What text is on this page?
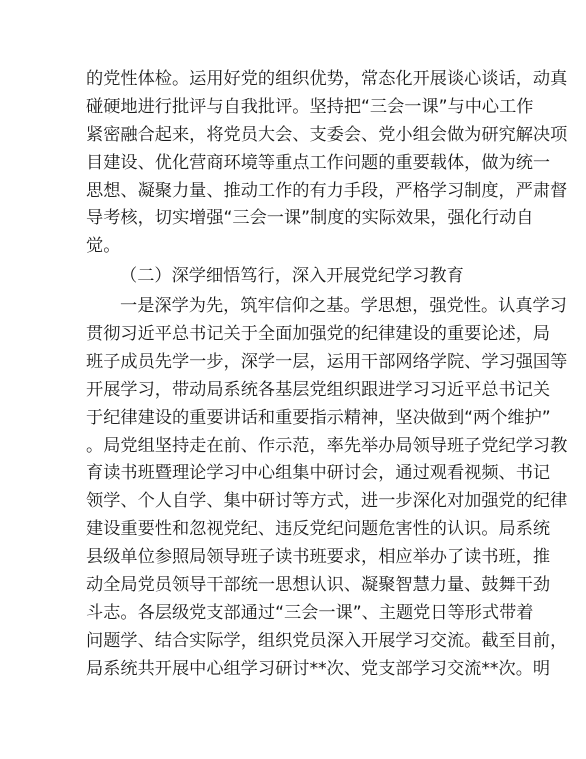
的党性体检。运用好党的组织优势，常态化开展谈心谈话，动真
碰硬地进行批评与自我批评。坚持把“三会一课”与中心工作
紧密融合起来，将党员大会、支委会、党小组会做为研究解决项
目建设、优化营商环境等重点工作问题的重要载体，做为统一
思想、凝聚力量、推动工作的有力手段，严格学习制度，严肃督
导考核，切实增强“三会一课”制度的实际效果，强化行动自
觉。
（二）深学细悟笃行，深入开展党纪学习教育
一是深学为先，筑牢信仰之基。学思想，强党性。认真学习
贯彻习近平总书记关于全面加强党的纪律建设的重要论述，局
班子成员先学一步，深学一层，运用干部网络学院、学习强国等
开展学习，带动局系统各基层党组织跟进学习习近平总书记关
于纪律建设的重要讲话和重要指示精神，坚决做到“两个维护”
。局党组坚持走在前、作示范，率先举办局领导班子党纪学习教
育读书班暨理论学习中心组集中研讨会，通过观看视频、书记
领学、个人自学、集中研讨等方式，进一步深化对加强党的纪律
建设重要性和忽视党纪、违反党纪问题危害性的认识。局系统
县级单位参照局领导班子读书班要求，相应举办了读书班，推
动全局党员领导干部统一思想认识、凝聚智慧力量、鼓舞干劲
斗志。各层级党支部通过“三会一课”、主题党日等形式带着
问题学、结合实际学，组织党员深入开展学习交流。截至目前，
局系统共开展中心组学习研讨**次、党支部学习交流**次。明
